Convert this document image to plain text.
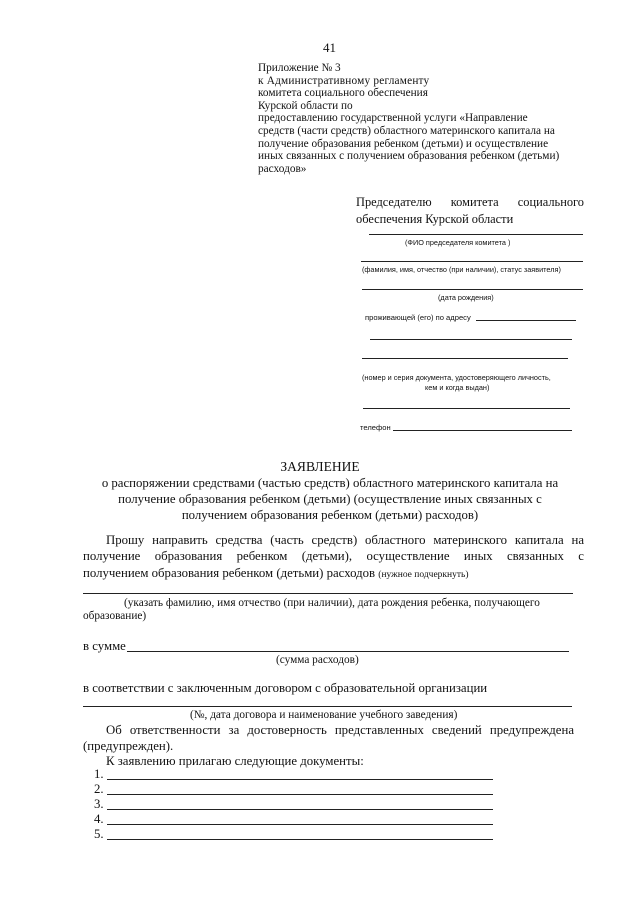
41
Приложение № 3
к Административному регламенту
комитета социального обеспечения
Курской области по
предоставлению государственной услуги «Направление
средств (части средств) областного материнского капитала на
получение образования ребенком (детьми) и осуществление
иных связанных с получением образования ребенком (детьми)
расходов»
Председателю комитета социального
обеспечения Курской области
(ФИО председателя комитета )
(фамилия, имя, отчество (при наличии), статус заявителя)
(дата рождения)
проживающей (его) по адресу
(номер и серия документа, удостоверяющего личность,
кем и когда выдан)
телефон
ЗАЯВЛЕНИЕ
о распоряжении средствами (частью средств) областного материнского капитала на
получение образования ребенком (детьми) (осуществление иных связанных с
получением образования ребенком (детьми) расходов)
Прошу направить средства (часть средств) областного материнского капитала на
получение образования ребенком (детьми), осуществление иных связанных с
получением образования ребенком (детьми) расходов (нужное подчеркнуть)
(указать фамилию, имя отчество (при наличии), дата рождения ребенка, получающего
образование)
в сумме
(сумма расходов)
в соответствии с заключенным договором с образовательной организации
(№, дата договора и наименование учебного заведения)
Об ответственности за достоверность представленных сведений предупреждена
(предупрежден).
К заявлению прилагаю следующие документы:
1.
2.
3.
4.
5.
